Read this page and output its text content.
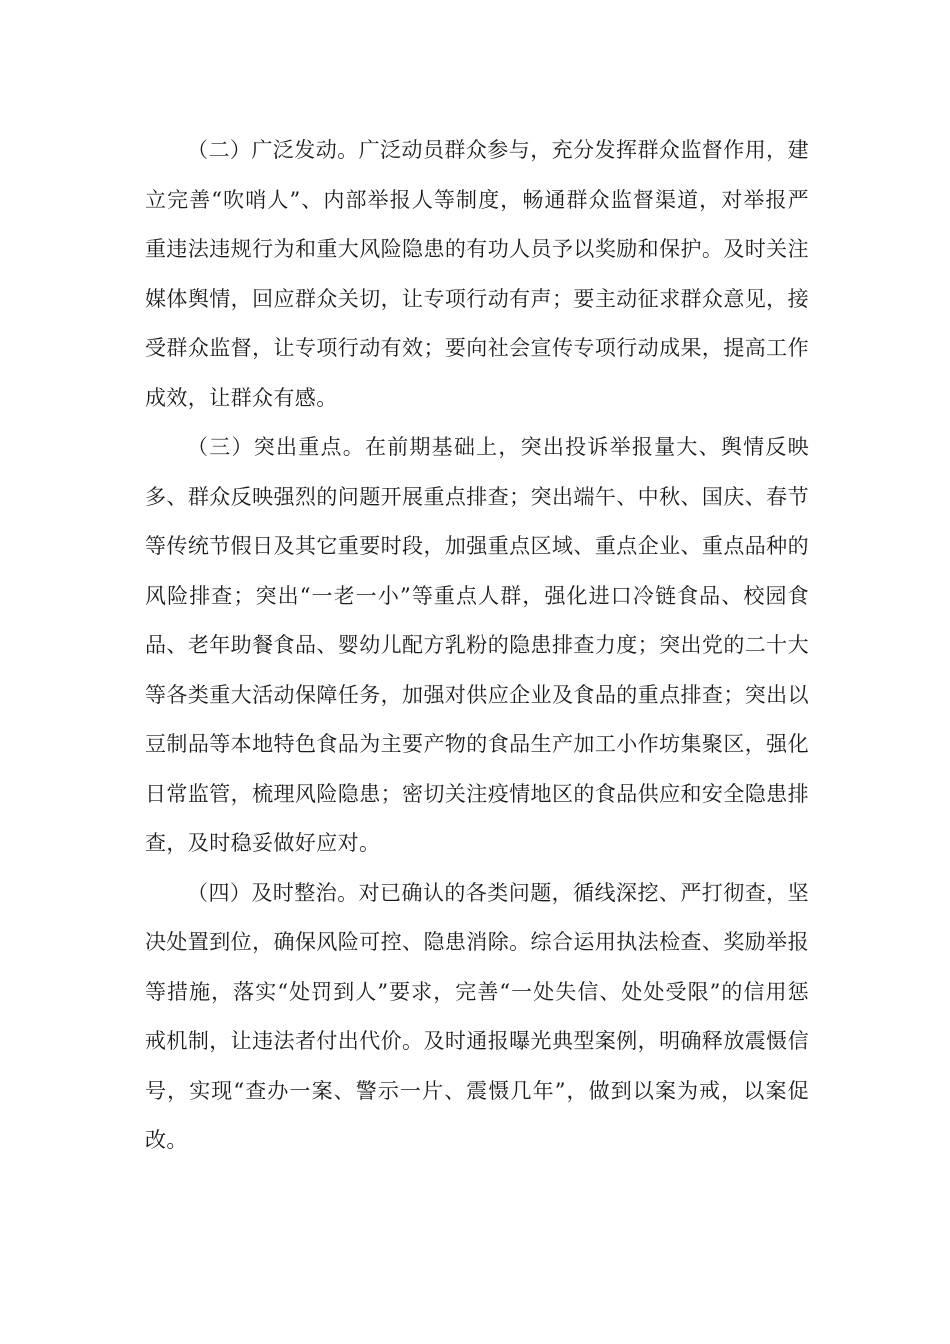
（二）广泛发动。广泛动员群众参与，充分发挥群众监督作用，建立完善“吹哨人”、内部举报人等制度，畅通群众监督渠道，对举报严重违法违规行为和重大风险隐患的有功人员予以奖励和保护。及时关注媒体舆情，回应群众关切，让专项行动有声；要主动征求群众意见，接受群众监督，让专项行动有效；要向社会宣传专项行动成果，提高工作成效，让群众有感。

（三）突出重点。在前期基础上，突出投诉举报量大、舆情反映多、群众反映强烈的问题开展重点排查；突出端午、中秋、国庆、春节等传统节假日及其它重要时段，加强重点区域、重点企业、重点品种的风险排查；突出“一老一小”等重点人群，强化进口冷链食品、校园食品、老年助餐食品、婴幼儿配方乳粉的隐患排查力度；突出党的二十大等各类重大活动保障任务，加强对供应企业及食品的重点排查；突出以豆制品等本地特色食品为主要产物的食品生产加工小作坊集聚区，强化日常监管，梳理风险隐患；密切关注疫情地区的食品供应和安全隐患排查，及时稳妥做好应对。

（四）及时整治。对已确认的各类问题，循线深挖、严打彻查，坚决处置到位，确保风险可控、隐患消除。综合运用执法检查、奖励举报等措施，落实“处罚到人”要求，完善“一处失信、处处受限”的信用惩戒机制，让违法者付出代价。及时通报曝光典型案例，明确释放震慑信号，实现“查办一案、警示一片、震慑几年”，做到以案为戒，以案促改。
